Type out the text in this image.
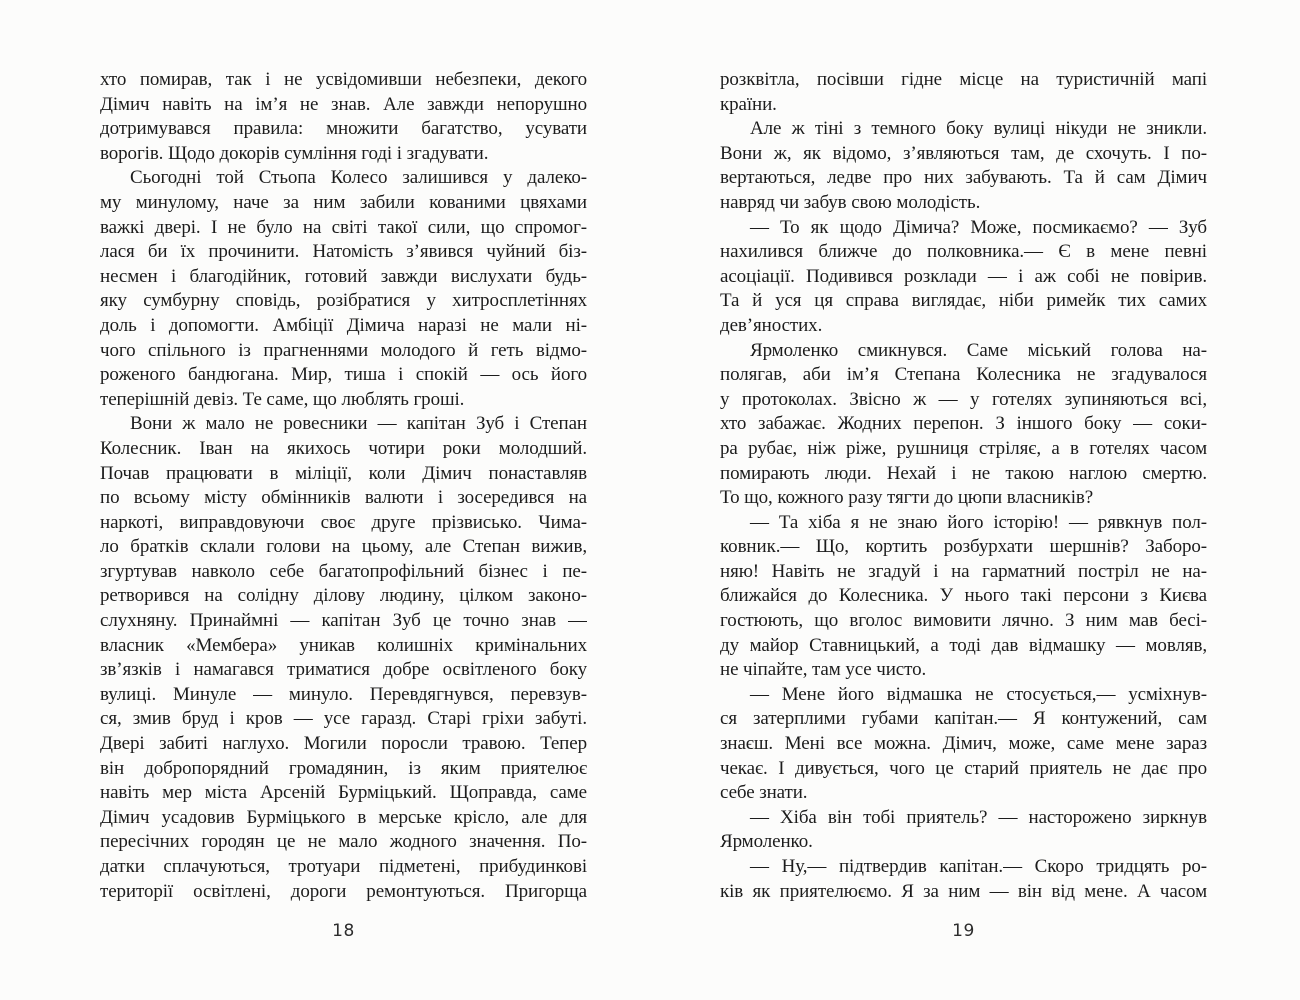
хто помирав, так і не усвідомивши небезпеки, декого
Дімич навіть на ім’я не знав. Але завжди непорушно
дотримувався правила: множити багатство, усувати
ворогів. Щодо докорів сумління годі і згадувати.
Сьогодні той Стьопа Колесо залишився у далеко-
му минулому, наче за ним забили кованими цвяхами
важкі двері. І не було на світі такої сили, що спромог-
лася би їх прочинити. Натомість з’явився чуйний біз-
несмен і благодійник, готовий завжди вислухати будь-
яку сумбурну сповідь, розібратися у хитросплетіннях
доль і допомогти. Амбіції Дімича наразі не мали ні-
чого спільного із прагненнями молодого й геть відмо-
роженого бандюгана. Мир, тиша і спокій — ось його
теперішній девіз. Те саме, що люблять гроші.
Вони ж мало не ровесники — капітан Зуб і Степан
Колесник. Іван на якихось чотири роки молодший.
Почав працювати в міліції, коли Дімич понаставляв
по всьому місту обмінників валюти і зосередився на
наркоті, виправдовуючи своє друге прізвисько. Чима-
ло братків склали голови на цьому, але Степан вижив,
згуртував навколо себе багатопрофільний бізнес і пе-
ретворився на солідну ділову людину, цілком законо-
слухняну. Принаймні — капітан Зуб це точно знав —
власник «Мембера» уникав колишніх кримінальних
зв’язків і намагався триматися добре освітленого боку
вулиці. Минуле — минуло. Перевдягнувся, перевзув-
ся, змив бруд і кров — усе гаразд. Старі гріхи забуті.
Двері забиті наглухо. Могили поросли травою. Тепер
він добропорядний громадянин, із яким приятелює
навіть мер міста Арсеній Бурміцький. Щоправда, саме
Дімич усадовив Бурміцького в мерське крісло, але для
пересічних городян це не мало жодного значення. По-
датки сплачуються, тротуари підметені, прибудинкові
території освітлені, дороги ремонтуються. Пригорща
18
розквітла, посівши гідне місце на туристичній мапі
країни.
Але ж тіні з темного боку вулиці нікуди не зникли.
Вони ж, як відомо, з’являються там, де схочуть. І по-
вертаються, ледве про них забувають. Та й сам Дімич
навряд чи забув свою молодість.
— То як щодо Дімича? Може, посмикаємо? — Зуб
нахилився ближче до полковника.— Є в мене певні
асоціації. Подивився розклади — і аж собі не повірив.
Та й уся ця справа виглядає, ніби римейк тих самих
дев’яностих.
Ярмоленко смикнувся. Саме міський голова на-
полягав, аби ім’я Степана Колесника не згадувалося
у протоколах. Звісно ж — у готелях зупиняються всі,
хто забажає. Жодних перепон. З іншого боку — соки-
ра рубає, ніж ріже, рушниця стріляє, а в готелях часом
помирають люди. Нехай і не такою наглою смертю.
То що, кожного разу тягти до цюпи власників?
— Та хіба я не знаю його історію! — рявкнув пол-
ковник.— Що, кортить розбурхати шершнів? Заборо-
няю! Навіть не згадуй і на гарматний постріл не на-
ближайся до Колесника. У нього такі персони з Києва
гостюють, що вголос вимовити лячно. З ним мав бесі-
ду майор Ставницький, а тоді дав відмашку — мовляв,
не чіпайте, там усе чисто.
— Мене його відмашка не стосується,— усміхнув-
ся затерплими губами капітан.— Я контужений, сам
знаєш. Мені все можна. Дімич, може, саме мене зараз
чекає. І дивується, чого це старий приятель не дає про
себе знати.
— Хіба він тобі приятель? — насторожено зиркнув
Ярмоленко.
— Ну,— підтвердив капітан.— Скоро тридцять ро-
ків як приятелюємо. Я за ним — він від мене. А часом
19
